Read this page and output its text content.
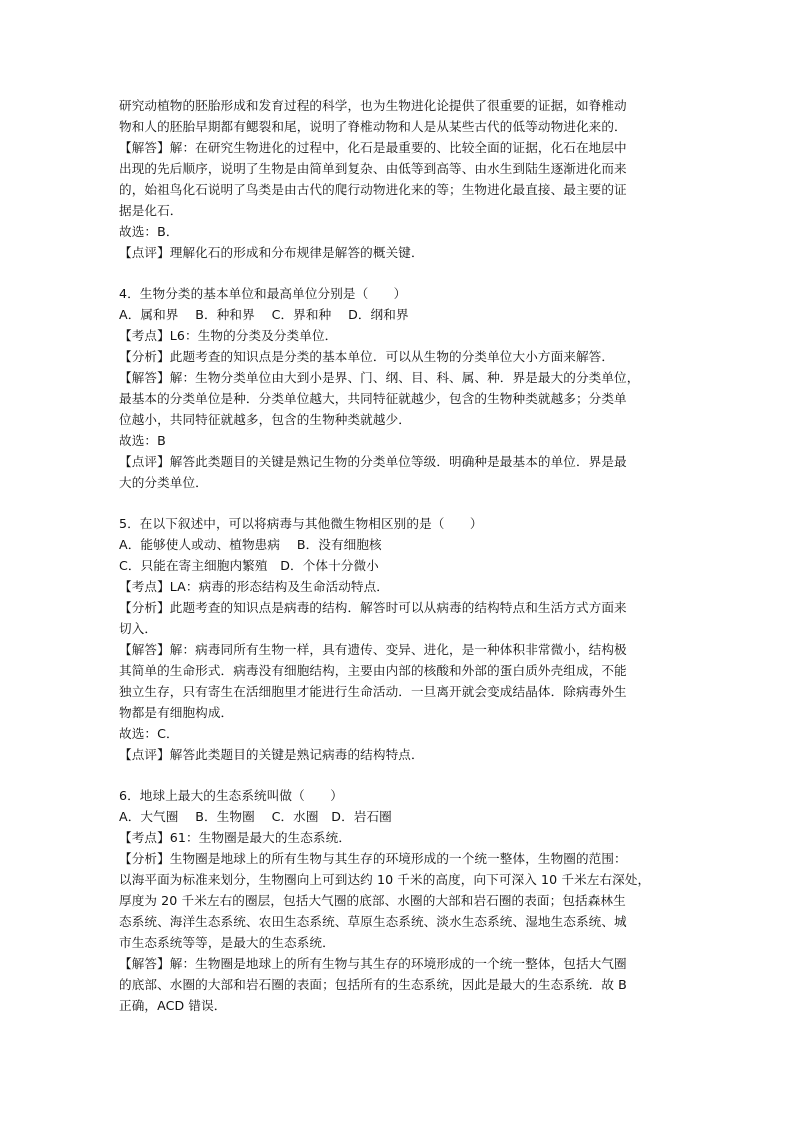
研究动植物的胚胎形成和发育过程的科学，也为生物进化论提供了很重要的证据，如脊椎动
物和人的胚胎早期都有鳃裂和尾，说明了脊椎动物和人是从某些古代的低等动物进化来的．
【解答】解：在研究生物进化的过程中，化石是最重要的、比较全面的证据，化石在地层中
出现的先后顺序，说明了生物是由简单到复杂、由低等到高等、由水生到陆生逐渐进化而来
的，始祖鸟化石说明了鸟类是由古代的爬行动物进化来的等；生物进化最直接、最主要的证
据是化石．
故选：B．
【点评】理解化石的形成和分布规律是解答的概关键．
4．生物分类的基本单位和最高单位分别是（　　）
A．属和界　 B．种和界　 C．界和种　 D．纲和界
【考点】L6：生物的分类及分类单位．
【分析】此题考查的知识点是分类的基本单位．可以从生物的分类单位大小方面来解答．
【解答】解：生物分类单位由大到小是界、门、纲、目、科、属、种．界是最大的分类单位，
最基本的分类单位是种．分类单位越大，共同特征就越少，包含的生物种类就越多；分类单
位越小，共同特征就越多，包含的生物种类就越少．
故选：B
【点评】解答此类题目的关键是熟记生物的分类单位等级．明确种是最基本的单位．界是最
大的分类单位．
5．在以下叙述中，可以将病毒与其他微生物相区别的是（　　）
A．能够使人或动、植物患病　 B．没有细胞核
C．只能在寄主细胞内繁殖　D．个体十分微小
【考点】LA：病毒的形态结构及生命活动特点．
【分析】此题考查的知识点是病毒的结构．解答时可以从病毒的结构特点和生活方式方面来
切入．
【解答】解：病毒同所有生物一样，具有遗传、变异、进化，是一种体积非常微小，结构极
其简单的生命形式．病毒没有细胞结构，主要由内部的核酸和外部的蛋白质外壳组成，不能
独立生存，只有寄生在活细胞里才能进行生命活动．一旦离开就会变成结晶体．除病毒外生
物都是有细胞构成．
故选：C．
【点评】解答此类题目的关键是熟记病毒的结构特点．
6．地球上最大的生态系统叫做（　　）
A．大气圈　 B．生物圈　 C．水圈　D．岩石圈
【考点】61：生物圈是最大的生态系统．
【分析】生物圈是地球上的所有生物与其生存的环境形成的一个统一整体，生物圈的范围：
以海平面为标准来划分，生物圈向上可到达约 10 千米的高度，向下可深入 10 千米左右深处，
厚度为 20 千米左右的圈层，包括大气圈的底部、水圈的大部和岩石圈的表面；包括森林生
态系统、海洋生态系统、农田生态系统、草原生态系统、淡水生态系统、湿地生态系统、城
市生态系统等等，是最大的生态系统．
【解答】解：生物圈是地球上的所有生物与其生存的环境形成的一个统一整体，包括大气圈
的底部、水圈的大部和岩石圈的表面；包括所有的生态系统，因此是最大的生态系统．故 B
正确，ACD 错误．
